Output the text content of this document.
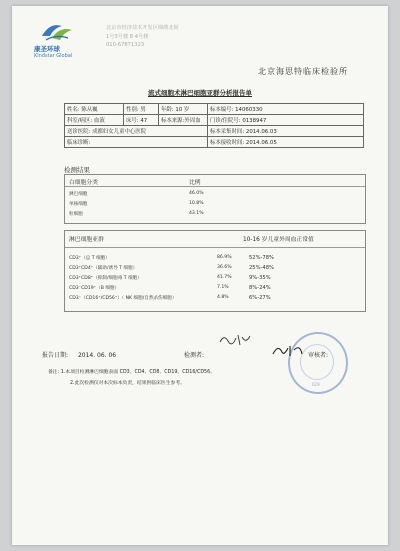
康圣环球
Kindstar Global
北京市经济技术开发区锦绣北街
1号3号楼 8 4号楼
010-67871323
北京海思特临床检验所
流式细胞术淋巴细胞亚群分析报告单
姓名: 陈从巍	性别: 男	年龄: 10 岁	标本编号: 14060330
科室/病区: 血液	床号: 47	标本来源:外周血	门诊/住院号: 0138947
送诊医院: 成都妇女儿童中心医院			标本采集时间: 2014.06.03
临床诊断:			标本接收时间: 2014.06.05
检测结果
白细胞分类	比例
淋巴细胞	46.0%
单核细胞	10.8%
粒细胞	43.1%
淋巴细胞亚群	10-16 岁儿童外周血正常值
CD3⁺（总 T 细胞）	86.9%	52%-78%
CD3⁺CD4⁺（辅助/诱导 T 细胞）	36.6%	25%-48%
CD3⁺CD8⁺（抑制/细胞毒 T 细胞）	41.7%	9%-35%
CD3⁻CD19⁺（B 细胞）	7.1%	8%-24%
CD3⁻（CD16⁺/CD56⁺）（ NK 细胞/自然杀伤细胞）	4.8%	6%-27%
029
报告日期: 2014. 06. 06	检测者:	审核者:
备注: 1.本项目检测淋巴细胞表面 CD3、CD4、CD8、CD19、CD16/CD56。
2.此次检测仅对本次标本负责，结果供临床医生参考。
